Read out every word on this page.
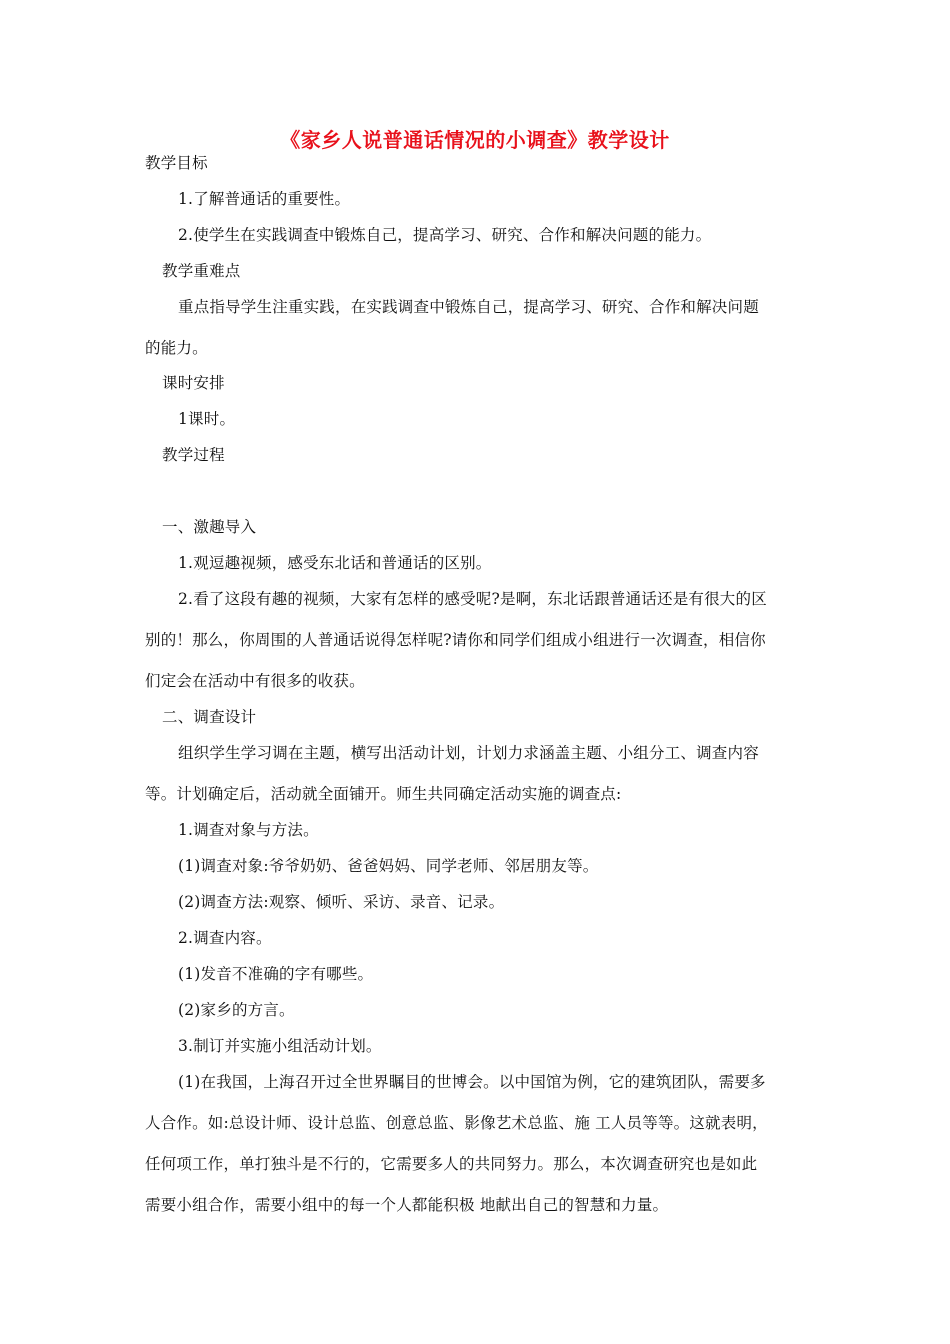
《家乡人说普通话情况的小调查》教学设计
教学目标
1.了解普通话的重要性。
2.使学生在实践调查中锻炼自己，提高学习、研究、合作和解决问题的能力。
教学重难点
重点指导学生注重实践，在实践调查中锻炼自己，提高学习、研究、合作和解决问题
的能力。
课时安排
1课时。
教学过程
一、激趣导入
1.观逗趣视频，感受东北话和普通话的区别。
2.看了这段有趣的视频，大家有怎样的感受呢?是啊，东北话跟普通话还是有很大的区
别的！那么，你周围的人普通话说得怎样呢?请你和同学们组成小组进行一次调查，相信你
们定会在活动中有很多的收获。
二、调查设计
组织学生学习调在主题，横写出活动计划，计划力求涵盖主题、小组分工、调查内容
等。计划确定后，活动就全面铺开。师生共同确定活动实施的调查点:
1.调查对象与方法。
(1)调查对象:爷爷奶奶、爸爸妈妈、同学老师、邻居朋友等。
(2)调查方法:观察、倾听、采访、录音、记录。
2.调查内容。
(1)发音不准确的字有哪些。
(2)家乡的方言。
3.制订并实施小组活动计划。
(1)在我国，上海召开过全世界瞩目的世博会。以中国馆为例，它的建筑团队，需要多
人合作。如:总设计师、设计总监、创意总监、影像艺术总监、施 工人员等等。这就表明，
任何项工作，单打独斗是不行的，它需要多人的共同努力。那么，本次调查研究也是如此
需要小组合作，需要小组中的每一个人都能积极 地献出自己的智慧和力量。
